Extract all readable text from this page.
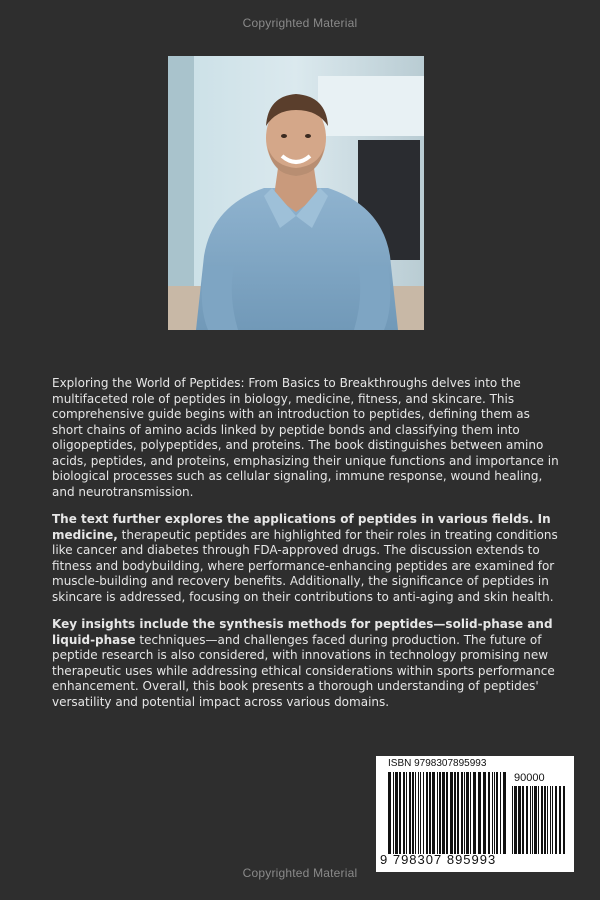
Copyrighted Material

Exploring the World of Peptides: From Basics to Breakthroughs delves into the multifaceted role of peptides in biology, medicine, fitness, and skincare. This comprehensive guide begins with an introduction to peptides, defining them as short chains of amino acids linked by peptide bonds and classifying them into oligopeptides, polypeptides, and proteins. The book distinguishes between amino acids, peptides, and proteins, emphasizing their unique functions and importance in biological processes such as cellular signaling, immune response, wound healing, and neurotransmission.

The text further explores the applications of peptides in various fields. In medicine, therapeutic peptides are highlighted for their roles in treating conditions like cancer and diabetes through FDA-approved drugs. The discussion extends to fitness and bodybuilding, where performance-enhancing peptides are examined for muscle-building and recovery benefits. Additionally, the significance of peptides in skincare is addressed, focusing on their contributions to anti-aging and skin health.

Key insights include the synthesis methods for peptides—solid-phase and liquid-phase techniques—and challenges faced during production. The future of peptide research is also considered, with innovations in technology promising new therapeutic uses while addressing ethical considerations within sports performance enhancement. Overall, this book presents a thorough understanding of peptides' versatility and potential impact across various domains.

ISBN 9798307895993
90000
9 798307 895993
Copyrighted Material
